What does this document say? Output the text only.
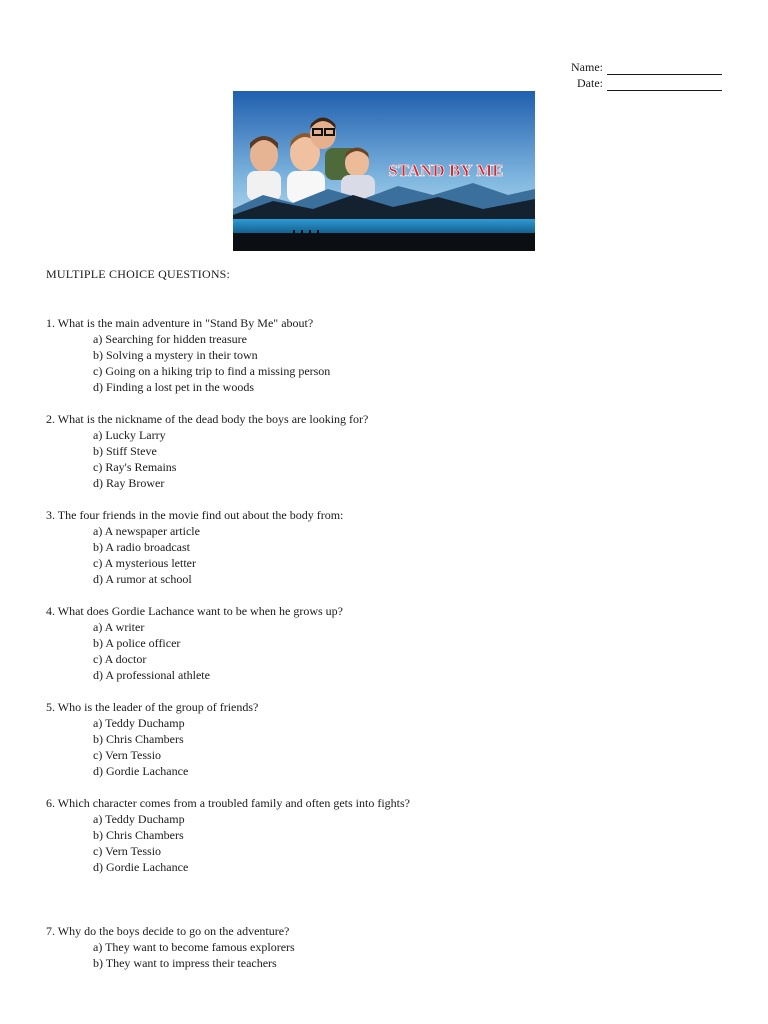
Name:
Date:
STAND BY ME
MULTIPLE CHOICE QUESTIONS:
1. What is the main adventure in "Stand By Me" about?
a) Searching for hidden treasure
b) Solving a mystery in their town
c) Going on a hiking trip to find a missing person
d) Finding a lost pet in the woods
2. What is the nickname of the dead body the boys are looking for?
a) Lucky Larry
b) Stiff Steve
c) Ray's Remains
d) Ray Brower
3. The four friends in the movie find out about the body from:
a) A newspaper article
b) A radio broadcast
c) A mysterious letter
d) A rumor at school
4. What does Gordie Lachance want to be when he grows up?
a) A writer
b) A police officer
c) A doctor
d) A professional athlete
5. Who is the leader of the group of friends?
a) Teddy Duchamp
b) Chris Chambers
c) Vern Tessio
d) Gordie Lachance
6. Which character comes from a troubled family and often gets into fights?
a) Teddy Duchamp
b) Chris Chambers
c) Vern Tessio
d) Gordie Lachance
7. Why do the boys decide to go on the adventure?
a) They want to become famous explorers
b) They want to impress their teachers
